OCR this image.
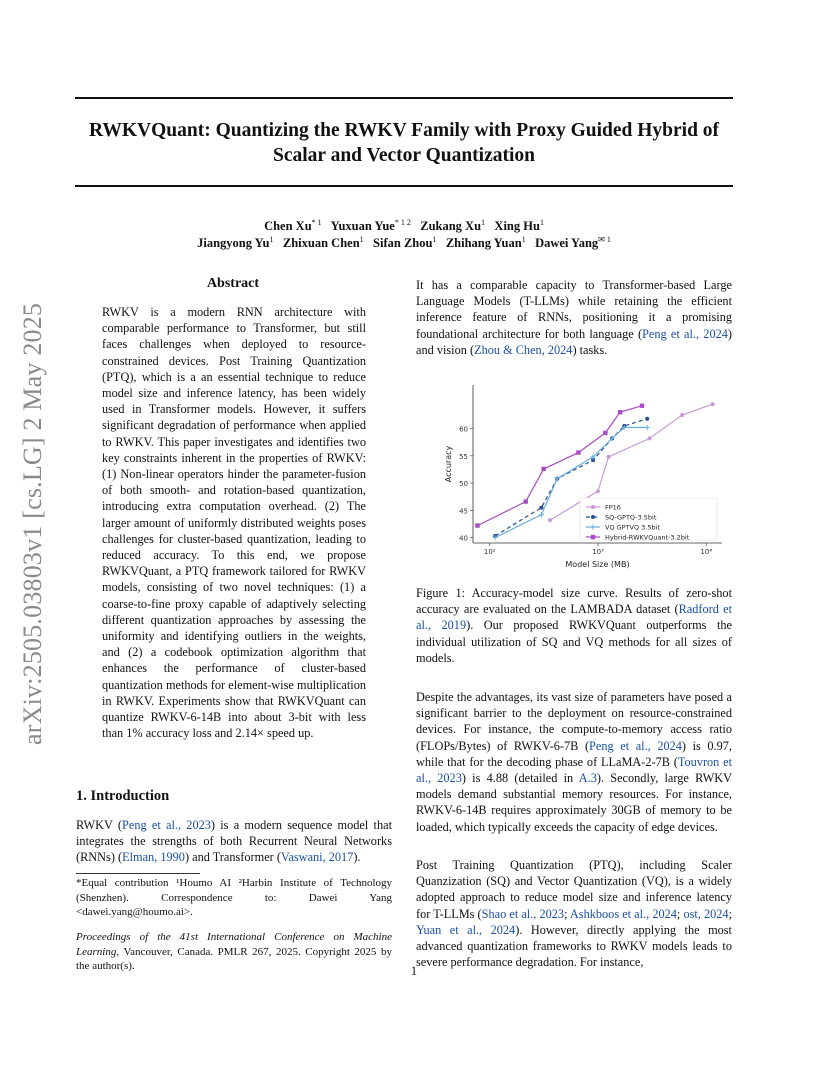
RWKVQuant: Quantizing the RWKV Family with Proxy Guided Hybrid of
Scalar and Vector Quantization
Chen Xu$^{* 1}$ Yuxuan Yue$^{* 1 2}$ Zukang Xu$^1$ Xing Hu$^1$
Jiangyong Yu$^1$ Zhixuan Chen$^1$ Sifan Zhou$^1$ Zhihang Yuan$^1$ Dawei Yang$^{✉ 1}$
arXiv:2505.03803v1 [cs.LG] 2 May 2025
Abstract
RWKV is a modern RNN architecture with comparable performance to Transformer, but still faces challenges when deployed to resource-constrained devices. Post Training Quantization (PTQ), which is a an essential technique to reduce model size and inference latency, has been widely used in Transformer models. However, it suffers significant degradation of performance when applied to RWKV. This paper investigates and identifies two key constraints inherent in the properties of RWKV: (1) Non-linear operators hinder the parameter-fusion of both smooth- and rotation-based quantization, introducing extra computation overhead. (2) The larger amount of uniformly distributed weights poses challenges for cluster-based quantization, leading to reduced accuracy. To this end, we propose RWKVQuant, a PTQ framework tailored for RWKV models, consisting of two novel techniques: (1) a coarse-to-fine proxy capable of adaptively selecting different quantization approaches by assessing the uniformity and identifying outliers in the weights, and (2) a codebook optimization algorithm that enhances the performance of cluster-based quantization methods for element-wise multiplication in RWKV. Experiments show that RWKVQuant can quantize RWKV-6-14B into about 3-bit with less than 1% accuracy loss and 2.14× speed up.
1. Introduction
RWKV (Peng et al., 2023) is a modern sequence model that integrates the strengths of both Recurrent Neural Networks (RNNs) (Elman, 1990) and Transformer (Vaswani, 2017).
*Equal contribution ¹Houmo AI ²Harbin Institute of Technology (Shenzhen). Correspondence to: Dawei Yang <dawei.yang@houmo.ai>.
Proceedings of the 41st International Conference on Machine Learning, Vancouver, Canada. PMLR 267, 2025. Copyright 2025 by the author(s).
It has a comparable capacity to Transformer-based Large Language Models (T-LLMs) while retaining the efficient inference feature of RNNs, positioning it a promising foundational architecture for both language (Peng et al., 2024) and vision (Zhou & Chen, 2024) tasks.
40
45
50
55
60
10²	10³	10⁴
Model Size (MB)
Accuracy
FP16
SQ-GPTQ-3.5bit
VQ GPTVQ 3.5bit
Hybrid-RWKVQuant-3.2bit
Figure 1: Accuracy-model size curve. Results of zero-shot accuracy are evaluated on the LAMBADA dataset (Radford et al., 2019). Our proposed RWKVQuant outperforms the individual utilization of SQ and VQ methods for all sizes of models.
Despite the advantages, its vast size of parameters have posed a significant barrier to the deployment on resource-constrained devices. For instance, the compute-to-memory access ratio (FLOPs/Bytes) of RWKV-6-7B (Peng et al., 2024) is 0.97, while that for the decoding phase of LLaMA-2-7B (Touvron et al., 2023) is 4.88 (detailed in A.3). Secondly, large RWKV models demand substantial memory resources. For instance, RWKV-6-14B requires approximately 30GB of memory to be loaded, which typically exceeds the capacity of edge devices.
Post Training Quantization (PTQ), including Scaler Quanzization (SQ) and Vector Quantization (VQ), is a widely adopted approach to reduce model size and inference latency for T-LLMs (Shao et al., 2023; Ashkboos et al., 2024; ost, 2024; Yuan et al., 2024). However, directly applying the most advanced quantization frameworks to RWKV models leads to severe performance degradation. For instance,
1
